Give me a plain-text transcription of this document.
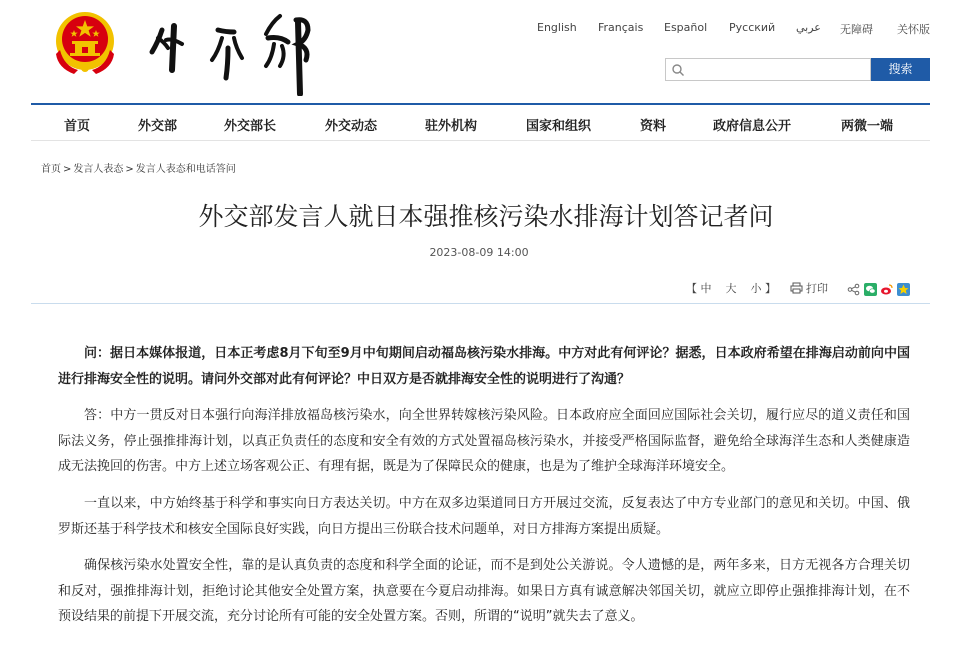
English Français Español Русский عربي 无障碍 关怀版
搜索
首页	外交部	外交部长	外交动态	驻外机构	国家和组织	资料	政府信息公开	两微一端
首页 > 发言人表态 > 发言人表态和电话答问
外交部发言人就日本强推核污染水排海计划答记者问
2023-08-09 14:00
【 中 大 小 】	打印

问：据日本媒体报道，日本正考虑8月下旬至9月中旬期间启动福岛核污染水排海。中方对此有何评论？据悉，日本政府希望在排海启动前向中国进行排海安全性的说明。请问外交部对此有何评论？中日双方是否就排海安全性的说明进行了沟通？

答：中方一贯反对日本强行向海洋排放福岛核污染水，向全世界转嫁核污染风险。日本政府应全面回应国际社会关切，履行应尽的道义责任和国际法义务，停止强推排海计划，以真正负责任的态度和安全有效的方式处置福岛核污染水，并接受严格国际监督，避免给全球海洋生态和人类健康造成无法挽回的伤害。中方上述立场客观公正、有理有据，既是为了保障民众的健康，也是为了维护全球海洋环境安全。

一直以来，中方始终基于科学和事实向日方表达关切。中方在双多边渠道同日方开展过交流，反复表达了中方专业部门的意见和关切。中国、俄罗斯还基于科学技术和核安全国际良好实践，向日方提出三份联合技术问题单，对日方排海方案提出质疑。

确保核污染水处置安全性，靠的是认真负责的态度和科学全面的论证，而不是到处公关游说。令人遗憾的是，两年多来，日方无视各方合理关切和反对，强推排海计划，拒绝讨论其他安全处置方案，执意要在今夏启动排海。如果日方真有诚意解决邻国关切，就应立即停止强推排海计划，在不预设结果的前提下开展交流，充分讨论所有可能的安全处置方案。否则，所谓的“说明”就失去了意义。
